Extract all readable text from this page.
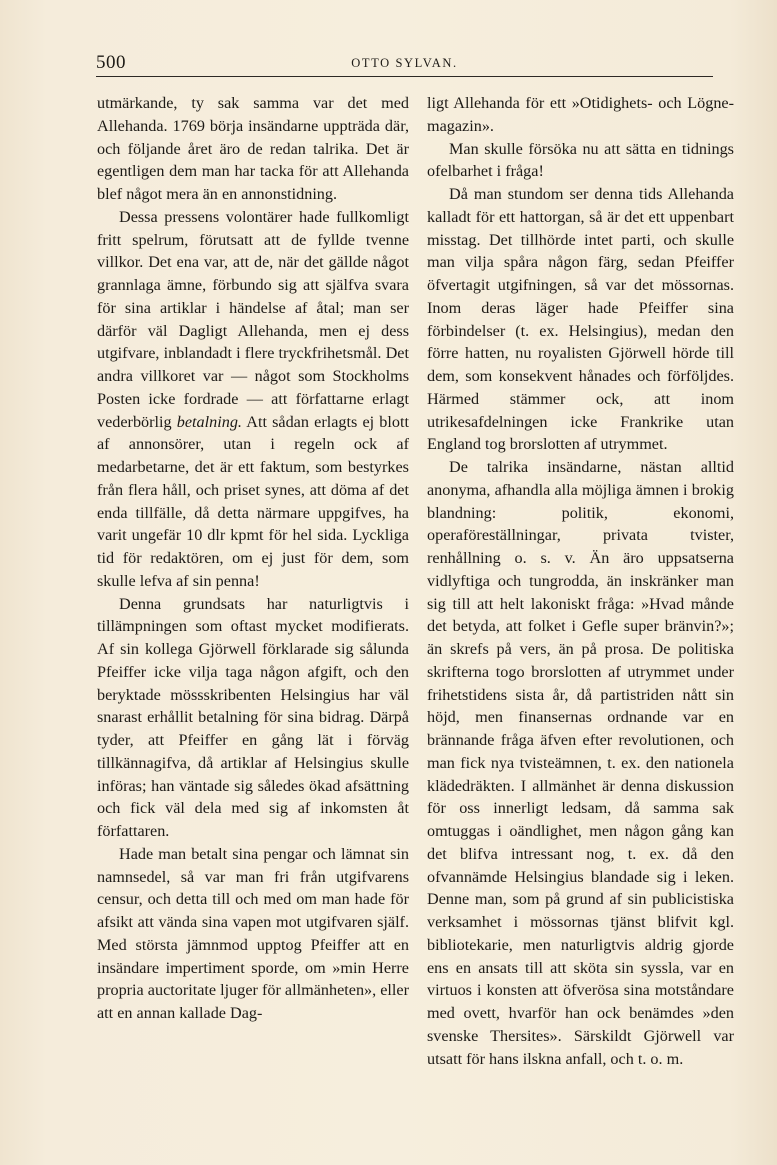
500	OTTO SYLVAN.

utmärkande, ty sak samma var det med Allehanda. 1769 börja insändarne uppträda där, och följande året äro de redan talrika. Det är egentligen dem man har tacka för att Allehanda blef något mera än en annonstidning.

Dessa pressens volontärer hade fullkomligt fritt spelrum, förutsatt att de fyllde tvenne villkor. Det ena var, att de, när det gällde något grannlaga ämne, förbundo sig att själfva svara för sina artiklar i händelse af åtal; man ser därför väl Dagligt Allehanda, men ej dess utgifvare, inblandadt i flere tryckfrihetsmål. Det andra villkoret var — något som Stockholms Posten icke fordrade — att författarne erlagt vederbörlig betalning. Att sådan erlagts ej blott af annonsörer, utan i regeln ock af medarbetarne, det är ett faktum, som bestyrkes från flera håll, och priset synes, att döma af det enda tillfälle, då detta närmare uppgifves, ha varit ungefär 10 dlr kpmt för hel sida. Lyckliga tid för redaktören, om ej just för dem, som skulle lefva af sin penna!

Denna grundsats har naturligtvis i tillämpningen som oftast mycket modifierats. Af sin kollega Gjörwell förklarade sig sålunda Pfeiffer icke vilja taga någon afgift, och den beryktade mössskribenten Helsingius har väl snarast erhållit betalning för sina bidrag. Därpå tyder, att Pfeiffer en gång lät i förväg tillkännagifva, då artiklar af Helsingius skulle införas; han väntade sig således ökad afsättning och fick väl dela med sig af inkomsten åt författaren.

Hade man betalt sina pengar och lämnat sin namnsedel, så var man fri från utgifvarens censur, och detta till och med om man hade för afsikt att vända sina vapen mot utgifvaren själf. Med största jämnmod upptog Pfeiffer att en insändare impertiment sporde, om »min Herre propria auctoritate ljuger för allmänheten», eller att en annan kallade Dag-

ligt Allehanda för ett »Otidighets- och Lögne-magazin».

Man skulle försöka nu att sätta en tidnings ofelbarhet i fråga!

Då man stundom ser denna tids Allehanda kalladt för ett hattorgan, så är det ett uppenbart misstag. Det tillhörde intet parti, och skulle man vilja spåra någon färg, sedan Pfeiffer öfvertagit utgifningen, så var det mössornas. Inom deras läger hade Pfeiffer sina förbindelser (t. ex. Helsingius), medan den förre hatten, nu royalisten Gjörwell hörde till dem, som konsekvent hånades och förföljdes. Härmed stämmer ock, att inom utrikesafdelningen icke Frankrike utan England tog brorslotten af utrymmet.

De talrika insändarne, nästan alltid anonyma, afhandla alla möjliga ämnen i brokig blandning: politik, ekonomi, operaföreställningar, privata tvister, renhållning o. s. v. Än äro uppsatserna vidlyftiga och tungrodda, än inskränker man sig till att helt lakoniskt fråga: »Hvad månde det betyda, att folket i Gefle super bränvin?»; än skrefs på vers, än på prosa. De politiska skrifterna togo brorslotten af utrymmet under frihetstidens sista år, då partistriden nått sin höjd, men finansernas ordnande var en brännande fråga äfven efter revolutionen, och man fick nya tvisteämnen, t. ex. den nationela klädedräkten. I allmänhet är denna diskussion för oss innerligt ledsam, då samma sak omtuggas i oändlighet, men någon gång kan det blifva intressant nog, t. ex. då den ofvannämde Helsingius blandade sig i leken. Denne man, som på grund af sin publicistiska verksamhet i mössornas tjänst blifvit kgl. bibliotekarie, men naturligtvis aldrig gjorde ens en ansats till att sköta sin syssla, var en virtuos i konsten att öfverösa sina motståndare med ovett, hvarför han ock benämdes »den svenske Thersites». Särskildt Gjörwell var utsatt för hans ilskna anfall, och t. o. m.
